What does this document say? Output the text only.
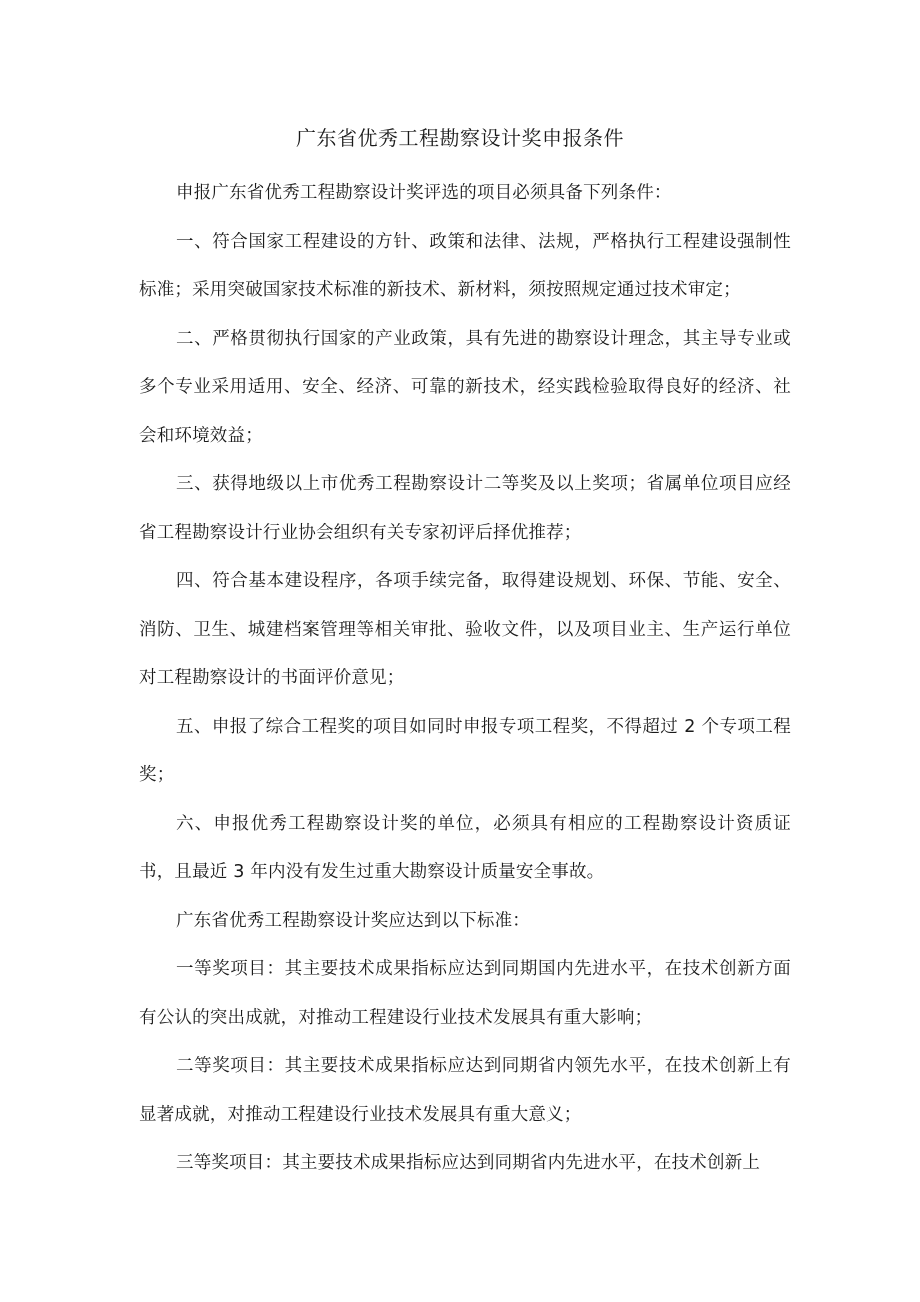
广东省优秀工程勘察设计奖申报条件

申报广东省优秀工程勘察设计奖评选的项目必须具备下列条件：

一、符合国家工程建设的方针、政策和法律、法规，严格执行工程建设强制性标准；采用突破国家技术标准的新技术、新材料，须按照规定通过技术审定；

二、严格贯彻执行国家的产业政策，具有先进的勘察设计理念，其主导专业或多个专业采用适用、安全、经济、可靠的新技术，经实践检验取得良好的经济、社会和环境效益；

三、获得地级以上市优秀工程勘察设计二等奖及以上奖项；省属单位项目应经省工程勘察设计行业协会组织有关专家初评后择优推荐；

四、符合基本建设程序，各项手续完备，取得建设规划、环保、节能、安全、消防、卫生、城建档案管理等相关审批、验收文件，以及项目业主、生产运行单位对工程勘察设计的书面评价意见；

五、申报了综合工程奖的项目如同时申报专项工程奖，不得超过 2 个专项工程奖；

六、申报优秀工程勘察设计奖的单位，必须具有相应的工程勘察设计资质证书，且最近 3 年内没有发生过重大勘察设计质量安全事故。

广东省优秀工程勘察设计奖应达到以下标准：

一等奖项目：其主要技术成果指标应达到同期国内先进水平，在技术创新方面有公认的突出成就，对推动工程建设行业技术发展具有重大影响；

二等奖项目：其主要技术成果指标应达到同期省内领先水平，在技术创新上有显著成就，对推动工程建设行业技术发展具有重大意义；

三等奖项目：其主要技术成果指标应达到同期省内先进水平，在技术创新上
